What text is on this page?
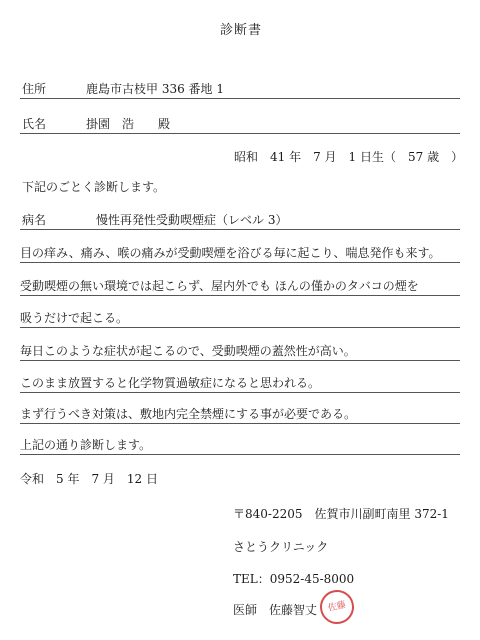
診断書
住所	鹿島市古枝甲 336 番地 1
氏名	掛園　浩　　殿
昭和　41 年　7 月　1 日生（　57 歳　）
下記のごとく診断します。
病名	慢性再発性受動喫煙症（レベル 3）
目の痒み、痛み、喉の痛みが受動喫煙を浴びる毎に起こり、喘息発作も来す。
受動喫煙の無い環境では起こらず、屋内外でも ほんの僅かのタバコの煙を
吸うだけで起こる。
毎日このような症状が起こるので、受動喫煙の蓋然性が高い。
このまま放置すると化学物質過敏症になると思われる。
まず行うべき対策は、敷地内完全禁煙にする事が必要である。
上記の通り診断します。
令和　5 年　7 月　12 日
〒840-2205　佐賀市川副町南里 372-1
さとうクリニック
TEL：0952-45-8000
医師　佐藤智丈	佐藤
